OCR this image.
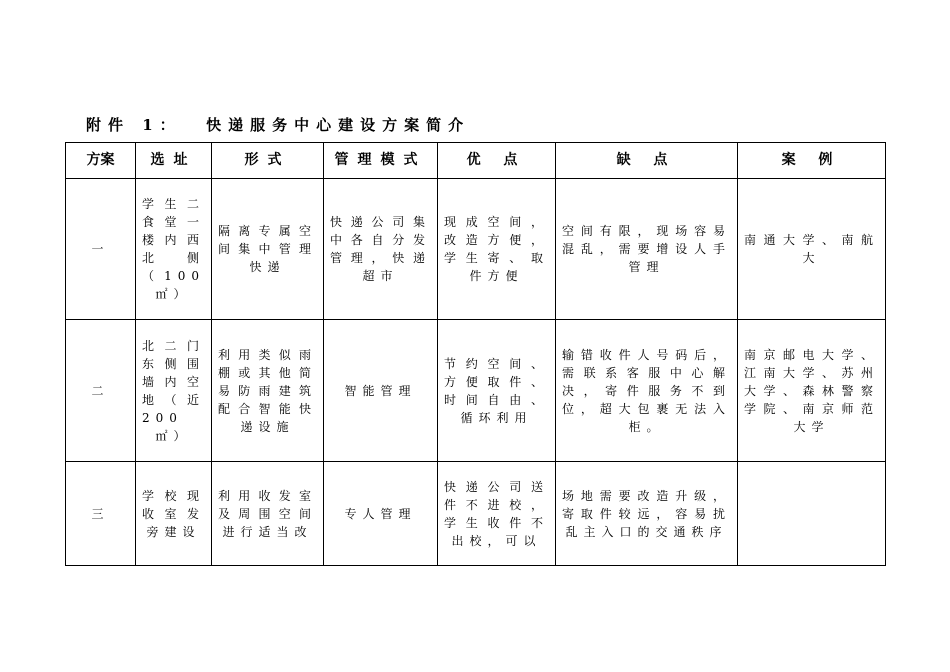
附件 1：  快递服务中心建设方案简介
方案	选址	形式	管理模式	优 点	缺 点	案 例
一	学生二食堂一楼内西北侧（100㎡）	隔离专属空间集中管理快递	快递公司集中各自分发管理，快递超市	现成空间，改造方便，学生寄、取件方便	空间有限，现场容易混乱，需要增设人手管理	南通大学、南航大

二	北二门东侧围墙内空地（近 200㎡）	利用类似雨棚或其他简易防雨建筑配合智能快递设施	智能管理	节约空间、方便取件、时间自由、循环利用	输错收件人号码后，需联系客服中心解决，寄件服务不到位，超大包裹无法入柜。	南京邮电大学、江南大学、苏州大学、森林警察学院、南京师范大学

三	学校现收室发旁建设	利用收发室及周围空间进行适当改	专人管理	快递公司送件不进校，学生收件不出校，可以	场地需要改造升级，寄取件较远，容易扰乱主入口的交通秩序	
